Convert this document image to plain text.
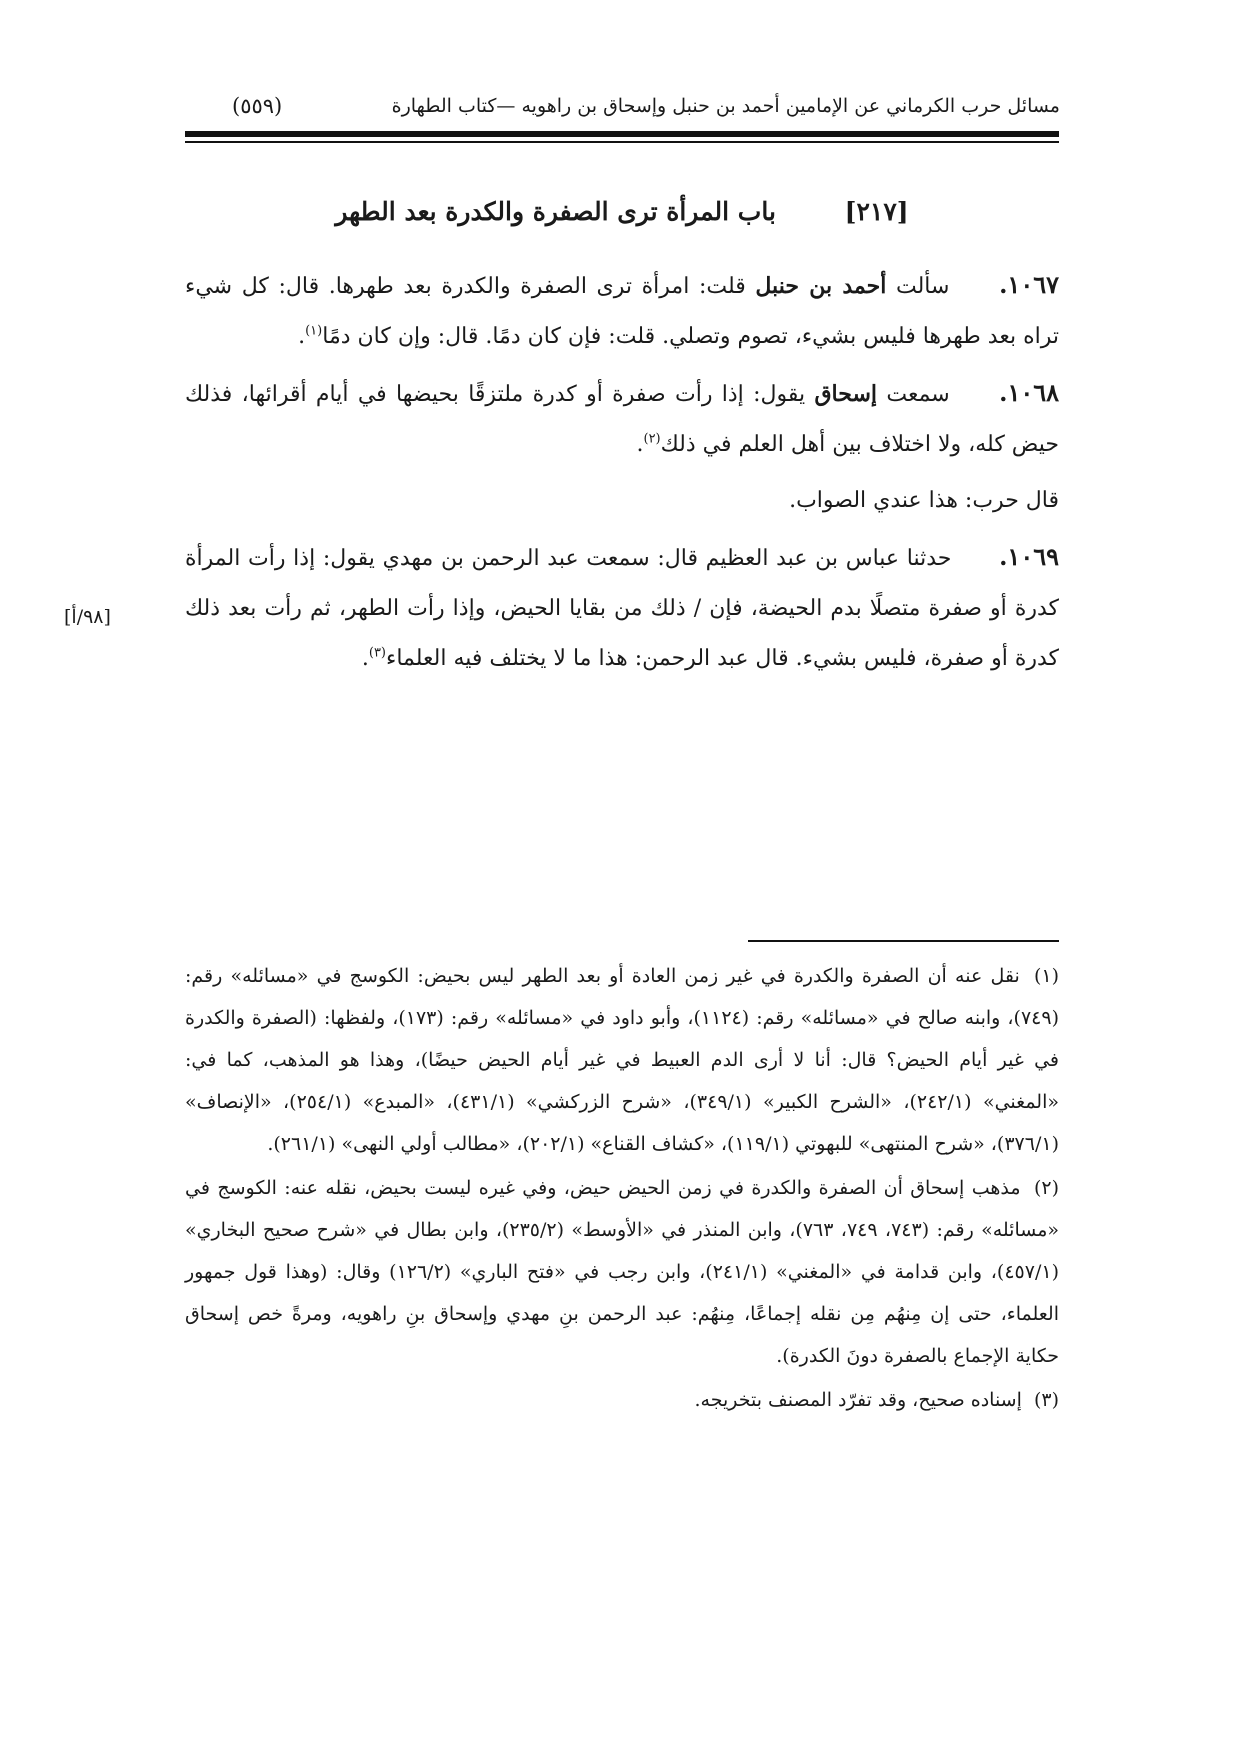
مسائل حرب الكرماني عن الإمامين أحمد بن حنبل وإسحاق بن راهويه —كتاب الطهارة
(٥٥٩)
[٢١٧] باب المرأة ترى الصفرة والكدرة بعد الطهر

١٠٦٧. سألت أحمد بن حنبل قلت: امرأة ترى الصفرة والكدرة بعد طهرها. قال: كل شيء تراه بعد طهرها فليس بشيء، تصوم وتصلي. قلت: فإن كان دمًا. قال: وإن كان دمًا$^{(١)}$.

١٠٦٨. سمعت إسحاق يقول: إذا رأت صفرة أو كدرة ملتزقًا بحيضها في أيام أقرائها، فذلك حيض كله، ولا اختلاف بين أهل العلم في ذلك$^{(٢)}$.

قال حرب: هذا عندي الصواب.

١٠٦٩. حدثنا عباس بن عبد العظيم قال: سمعت عبد الرحمن بن مهدي يقول: إذا رأت المرأة كدرة أو صفرة متصلًا بدم الحيضة، فإن / ذلك من بقايا الحيض، وإذا رأت الطهر، ثم رأت بعد ذلك كدرة أو صفرة، فليس بشيء. قال عبد الرحمن: هذا ما لا يختلف فيه العلماء$^{(٣)}$.

[٩٨/أ]

(١) نقل عنه أن الصفرة والكدرة في غير زمن العادة أو بعد الطهر ليس بحيض: الكوسج في «مسائله» رقم: (٧٤٩)، وابنه صالح في «مسائله» رقم: (١١٢٤)، وأبو داود في «مسائله» رقم: (١٧٣)، ولفظها: (الصفرة والكدرة في غير أيام الحيض؟ قال: أنا لا أرى الدم العبيط في غير أيام الحيض حيضًا)، وهذا هو المذهب، كما في: «المغني» (٢٤٢/١)، «الشرح الكبير» (٣٤٩/١)، «شرح الزركشي» (٤٣١/١)، «المبدع» (٢٥٤/١)، «الإنصاف» (٣٧٦/١)، «شرح المنتهى» للبهوتي (١١٩/١)، «كشاف القناع» (٢٠٢/١)، «مطالب أولي النهى» (٢٦١/١).

(٢) مذهب إسحاق أن الصفرة والكدرة في زمن الحيض حيض، وفي غيره ليست بحيض، نقله عنه: الكوسج في «مسائله» رقم: (٧٤٣، ٧٤٩، ٧٦٣)، وابن المنذر في «الأوسط» (٢٣٥/٢)، وابن بطال في «شرح صحيح البخاري» (٤٥٧/١)، وابن قدامة في «المغني» (٢٤١/١)، وابن رجب في «فتح الباري» (١٢٦/٢) وقال: (وهذا قول جمهور العلماء، حتى إن مِنهُم مِن نقله إجماعًا، مِنهُم: عبد الرحمن بنِ مهدي وإسحاق بنِ راهويه، ومرةً خص إسحاق حكاية الإجماع بالصفرة دونَ الكدرة).

(٣) إسناده صحيح، وقد تفرّد المصنف بتخريجه.
